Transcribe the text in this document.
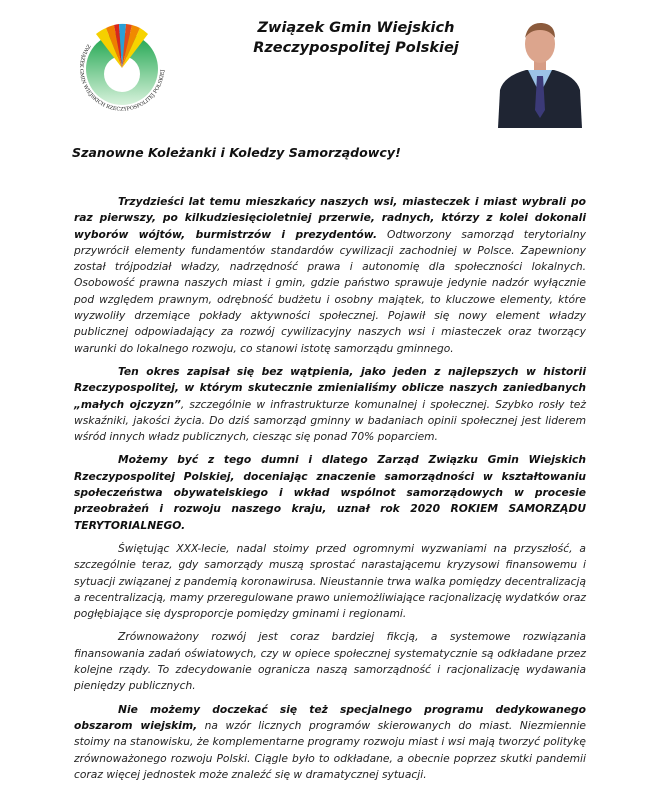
ZWIĄZEK GMIN WIEJSKICH RZECZYPOSPOLITEJ POLSKIEJ
Związek Gmin Wiejskich
Rzeczypospolitej Polskiej
Szanowne Koleżanki i Koledzy Samorządowcy!

Trzydzieści lat temu mieszkańcy naszych wsi, miasteczek i miast wybrali po raz pierwszy, po kilkudziesięcioletniej przerwie, radnych, którzy z kolei dokonali wyborów wójtów, burmistrzów i prezydentów. Odtworzony samorząd terytorialny przywrócił elementy fundamentów standardów cywilizacji zachodniej w Polsce. Zapewniony został trójpodział władzy, nadrzędność prawa i autonomię dla społeczności lokalnych. Osobowość prawna naszych miast i gmin, gdzie państwo sprawuje jedynie nadzór wyłącznie pod względem prawnym, odrębność budżetu i osobny majątek, to kluczowe elementy, które wyzwoliły drzemiące pokłady aktywności społecznej. Pojawił się nowy element władzy publicznej odpowiadający za rozwój cywilizacyjny naszych wsi i miasteczek oraz tworzący warunki do lokalnego rozwoju, co stanowi istotę samorządu gminnego.

Ten okres zapisał się bez wątpienia, jako jeden z najlepszych w historii Rzeczypospolitej, w którym skutecznie zmienialiśmy oblicze naszych zaniedbanych „małych ojczyzn”, szczególnie w infrastrukturze komunalnej i społecznej. Szybko rosły też wskaźniki, jakości życia. Do dziś samorząd gminny w badaniach opinii społecznej jest liderem wśród innych władz publicznych, ciesząc się ponad 70% poparciem.

Możemy być z tego dumni i dlatego Zarząd Związku Gmin Wiejskich Rzeczypospolitej Polskiej, doceniając znaczenie samorządności w kształtowaniu społeczeństwa obywatelskiego i wkład wspólnot samorządowych w procesie przeobrażeń i rozwoju naszego kraju, uznał rok 2020 ROKIEM SAMORZĄDU TERYTORIALNEGO.

Świętując XXX-lecie, nadal stoimy przed ogromnymi wyzwaniami na przyszłość, a szczególnie teraz, gdy samorządy muszą sprostać narastającemu kryzysowi finansowemu i sytuacji związanej z pandemią koronawirusa. Nieustannie trwa walka pomiędzy decentralizacją a recentralizacją, mamy przeregulowane prawo uniemożliwiające racjonalizację wydatków oraz pogłębiające się dysproporcje pomiędzy gminami i regionami.

Zrównoważony rozwój jest coraz bardziej fikcją, a systemowe rozwiązania finansowania zadań oświatowych, czy w opiece społecznej systematycznie są odkładane przez kolejne rządy. To zdecydowanie ogranicza naszą samorządność i racjonalizację wydawania pieniędzy publicznych.

Nie możemy doczekać się też specjalnego programu dedykowanego obszarom wiejskim, na wzór licznych programów skierowanych do miast. Niezmiennie stoimy na stanowisku, że komplementarne programy rozwoju miast i wsi mają tworzyć politykę zrównoważonego rozwoju Polski. Ciągle było to odkładane, a obecnie poprzez skutki pandemii coraz więcej jednostek może znaleźć się w dramatycznej sytuacji.
